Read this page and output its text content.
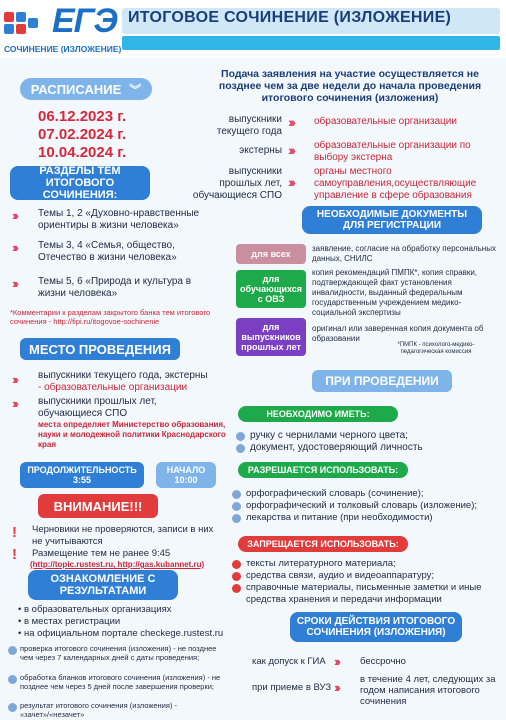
ЕГЭ
СОЧИНЕНИЕ (ИЗЛОЖЕНИЕ)
ИТОГОВОЕ СОЧИНЕНИЕ (ИЗЛОЖЕНИЕ)
РАСПИСАНИЕ ︾
06.12.2023 г.
07.02.2024 г.
10.04.2024 г.
Подача заявления на участие осуществляется не позднее чем за две недели до начала проведения итогового сочинения (изложения)
выпускники текущего года
››› образовательные организации
экстерны ››› образовательные организации по выбору экстерна
выпускники прошлых лет, обучающиеся СПО
›››
органы местного самоуправления,осуществляющие управление в сфере образования
РАЗДЕЛЫ ТЕМ ИТОГОВОГО СОЧИНЕНИЯ:
››› Темы 1, 2 «Духовно-нравственные ориентиры в жизни человека»
››› Темы 3, 4 «Семья, общество, Отечество в жизни человека»
››› Темы 5, 6 «Природа и культура в жизни человека»
*Комментарии к разделам закрытого банка тем итогового сочинения - http://fipi.ru/itogovoe-sochinenie
НЕОБХОДИМЫЕ ДОКУМЕНТЫ ДЛЯ РЕГИСТРАЦИИ
для всех
заявление, согласие на обработку персональных данных, СНИЛС
для обучающихся с ОВЗ
копия рекомендаций ПМПК*, копия справки, подтверждающей факт установления инвалидности, выданный федеральным государственным учреждением медико-социальной экспертизы
для выпускников прошлых лет
оригинал или заверенная копия документа об образовании
*ПМПК - психолого-медико-педагогическая комиссия
МЕСТО ПРОВЕДЕНИЯ
››› выпускники текущего года, экстерны
- образовательные организации
››› выпускники прошлых лет, обучающиеся СПО
места определяет Министерство образования, науки и молодежной политики Краснодарского края
ПРИ ПРОВЕДЕНИИ
НЕОБХОДИМО ИМЕТЬ:
ручку с чернилами черного цвета;
документ, удостоверяющий личность
РАЗРЕШАЕТСЯ ИСПОЛЬЗОВАТЬ:
орфографический словарь (сочинение);
орфографический и толковый словарь (изложение);
лекарства и питание (при необходимости)
ЗАПРЕЩАЕТСЯ ИСПОЛЬЗОВАТЬ:
тексты литературного материала;
средства связи, аудио и видеоаппаратуру;
справочные материалы, письменные заметки и иные средства хранения и передачи информации
ПРОДОЛЖИТЕЛЬНОСТЬ
3:55
НАЧАЛО
10:00
ВНИМАНИЕ!!!
! Черновики не проверяются, записи в них не учитываются
! Размещение тем не ранее 9:45
(http://topic.rustest.ru, http://gas.kubannet.ru)
ОЗНАКОМЛЕНИЕ С РЕЗУЛЬТАТАМИ
• в образовательных организациях
• в местах регистрации
• на официальном портале checkege.rustest.ru
проверка итогового сочинения (изложения) - не позднее чем через 7 календарных дней с даты проведения;
обработка бланков итогового сочинения (изложения) - не позднее чем через 5 дней после завершения проверки;
результат итогового сочинения (изложения) - «зачет»/«незачет»
СРОКИ ДЕЙСТВИЯ ИТОГОВОГО СОЧИНЕНИЯ (ИЗЛОЖЕНИЯ)
как допуск к ГИА ››› бессрочно
при приеме в ВУЗ ›››
в течение 4 лет, следующих за годом написания итогового сочинения
